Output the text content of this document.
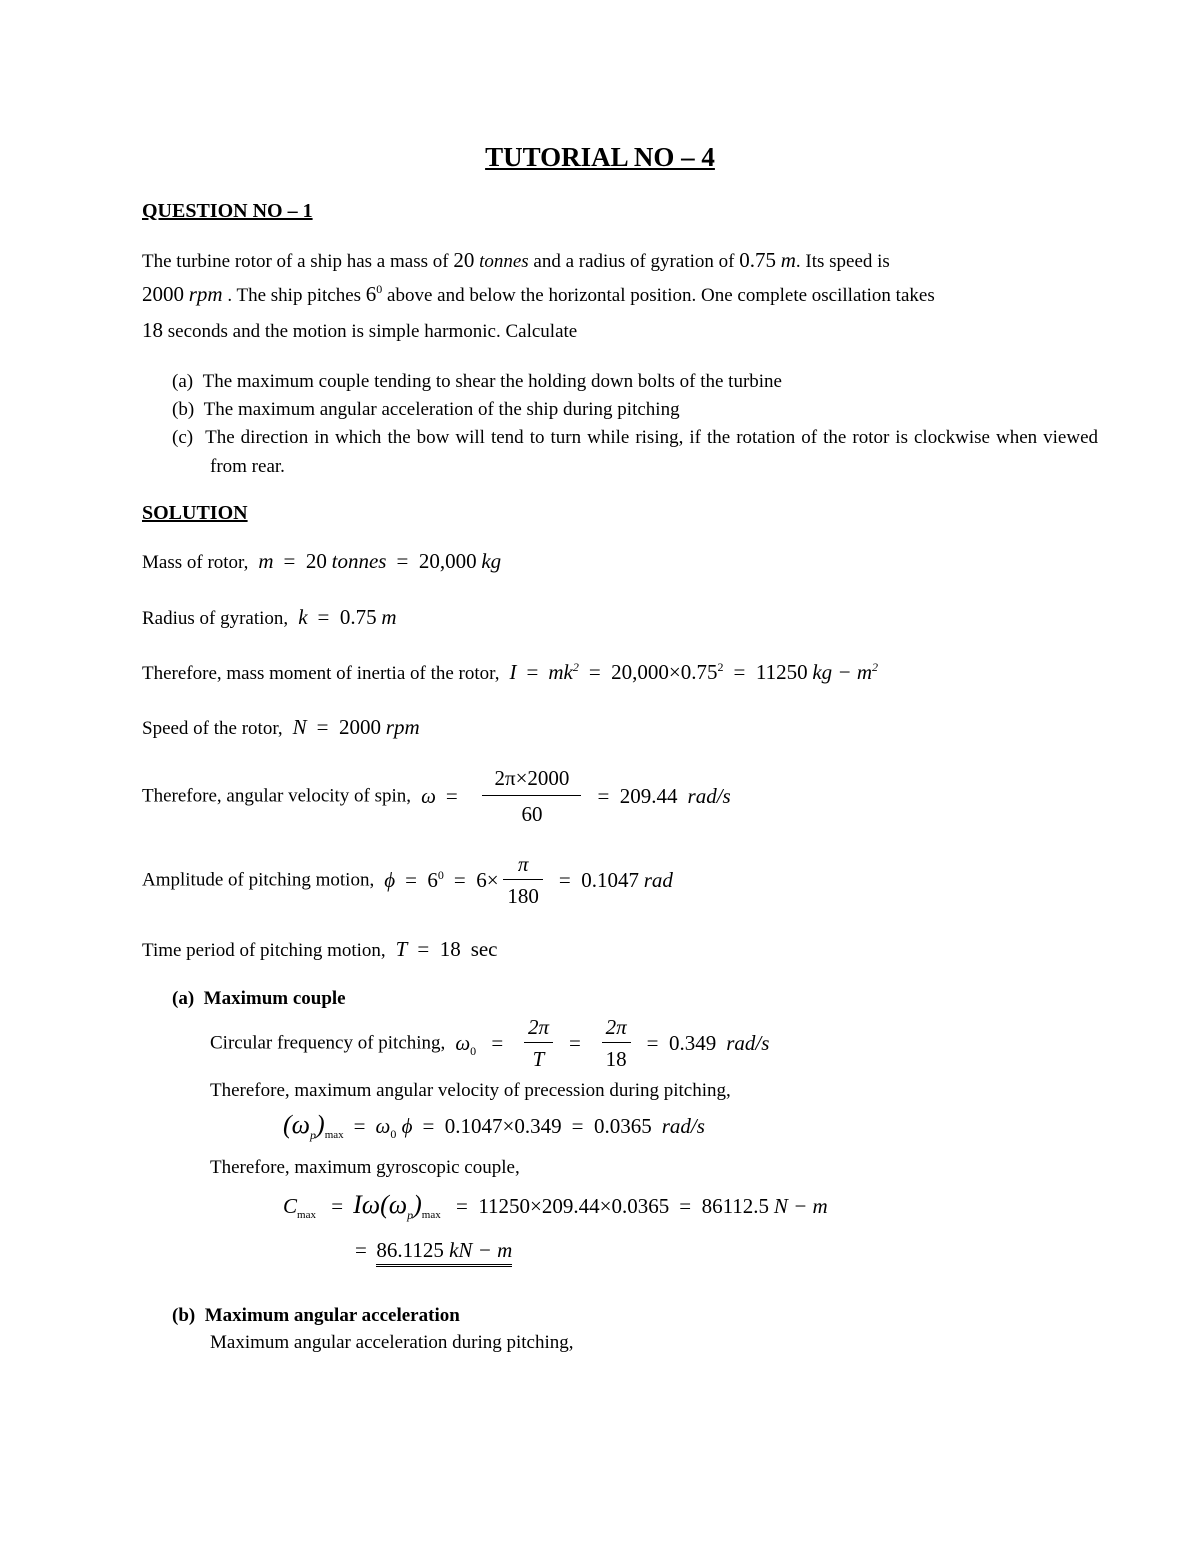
TUTORIAL NO – 4
QUESTION NO – 1
The turbine rotor of a ship has a mass of 20 tonnes and a radius of gyration of 0.75 m. Its speed is
2000 rpm . The ship pitches $6^0$ above and below the horizontal position. One complete oscillation takes
18 seconds and the motion is simple harmonic. Calculate
(a) The maximum couple tending to shear the holding down bolts of the turbine
(b) The maximum angular acceleration of the ship during pitching
(c) The direction in which the bow will tend to turn while rising, if the rotation of the rotor is clockwise when viewed from rear.
SOLUTION
Mass of rotor, m = 20 tonnes = 20,000 kg
Radius of gyration, k = 0.75 m
Therefore, mass moment of inertia of the rotor, $I = mk^2 = 20,000\times 0.75^2 = 11250$ kg − $m^2$
Speed of the rotor, N = 2000 rpm
Therefore, angular velocity of spin, $\omega = \frac{2\pi\times 2000}{60} = 209.44$ rad/s
Amplitude of pitching motion, $\phi = 6^0 = 6\times \frac{\pi}{180} = 0.1047$ rad
Time period of pitching motion, T = 18 sec
(a) Maximum couple
Circular frequency of pitching, $\omega_0 = \frac{2\pi}{T} = \frac{2\pi}{18} = 0.349$ rad/s
Therefore, maximum angular velocity of precession during pitching,
$(\omega_p)_{max} = \omega_0$ ϕ = 0.1047×0.349 = 0.0365 rad/s
Therefore, maximum gyroscopic couple,
$C_{max} = I\omega(\omega_p)_{max} = 11250\times 209.44\times 0.0365 = 86112.5$ N − m
= 86.1125 kN − m
(b) Maximum angular acceleration
Maximum angular acceleration during pitching,
